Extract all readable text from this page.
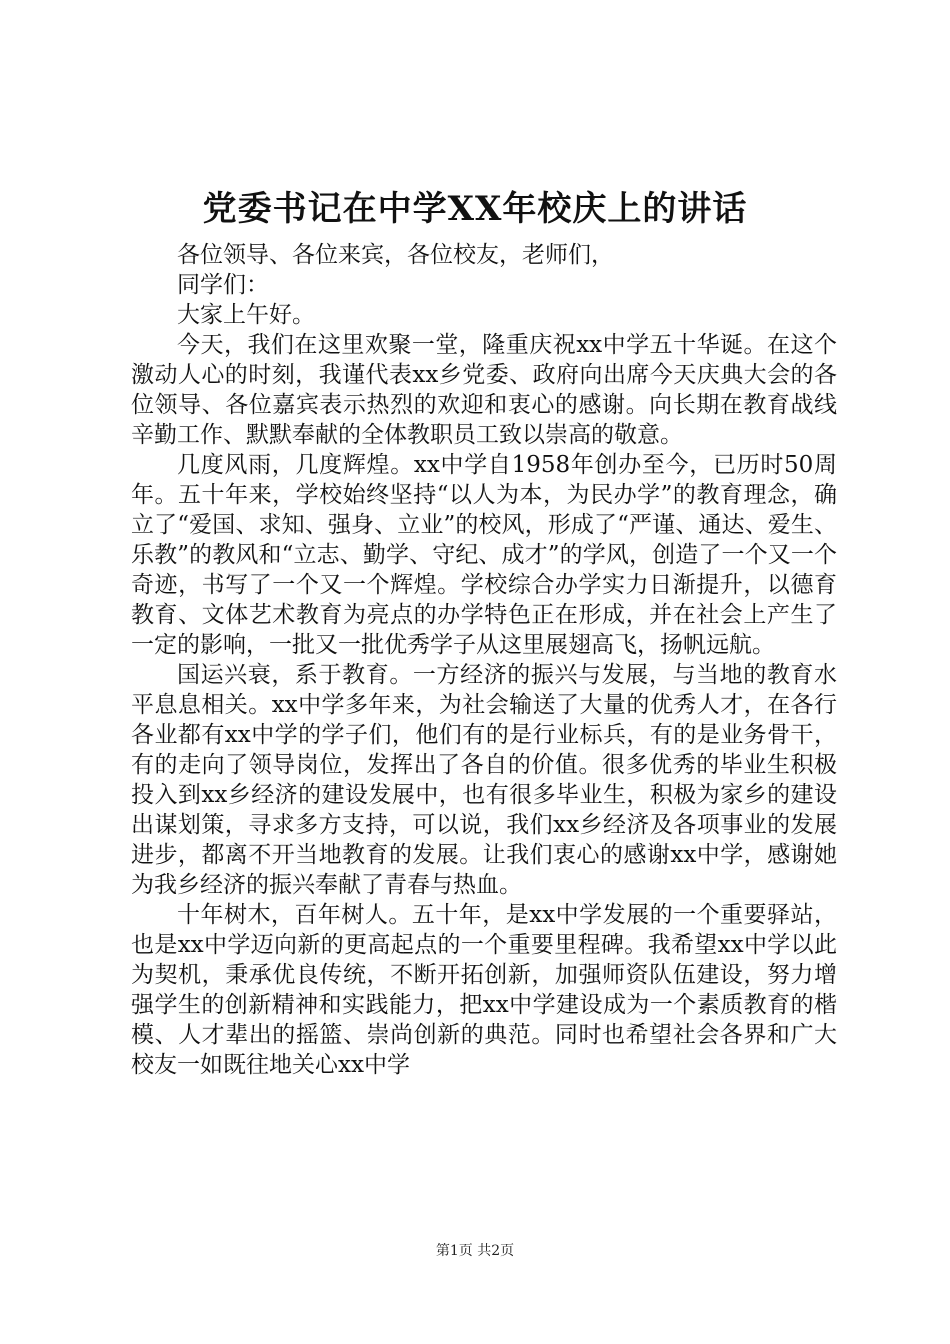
党委书记在中学XX年校庆上的讲话

各位领导、各位来宾，各位校友，老师们，

同学们：

大家上午好。

今天，我们在这里欢聚一堂，隆重庆祝xx中学五十华诞。在这个激动人心的时刻，我谨代表xx乡党委、政府向出席今天庆典大会的各位领导、各位嘉宾表示热烈的欢迎和衷心的感谢。向长期在教育战线辛勤工作、默默奉献的全体教职员工致以崇高的敬意。

几度风雨，几度辉煌。xx中学自1958年创办至今，已历时50周年。五十年来，学校始终坚持“以人为本，为民办学”的教育理念，确立了“爱国、求知、强身、立业”的校风，形成了“严谨、通达、爱生、乐教”的教风和“立志、勤学、守纪、成才”的学风，创造了一个又一个奇迹，书写了一个又一个辉煌。学校综合办学实力日渐提升，以德育教育、文体艺术教育为亮点的办学特色正在形成，并在社会上产生了一定的影响，一批又一批优秀学子从这里展翅高飞，扬帆远航。

国运兴衰，系于教育。一方经济的振兴与发展，与当地的教育水平息息相关。xx中学多年来，为社会输送了大量的优秀人才，在各行各业都有xx中学的学子们，他们有的是行业标兵，有的是业务骨干，有的走向了领导岗位，发挥出了各自的价值。很多优秀的毕业生积极投入到xx乡经济的建设发展中，也有很多毕业生，积极为家乡的建设出谋划策，寻求多方支持，可以说，我们xx乡经济及各项事业的发展进步，都离不开当地教育的发展。让我们衷心的感谢xx中学，感谢她为我乡经济的振兴奉献了青春与热血。

十年树木，百年树人。五十年，是xx中学发展的一个重要驿站，也是xx中学迈向新的更高起点的一个重要里程碑。我希望xx中学以此为契机，秉承优良传统，不断开拓创新，加强师资队伍建设，努力增强学生的创新精神和实践能力，把xx中学建设成为一个素质教育的楷模、人才辈出的摇篮、崇尚创新的典范。同时也希望社会各界和广大校友一如既往地关心xx中学

第1页 共2页
